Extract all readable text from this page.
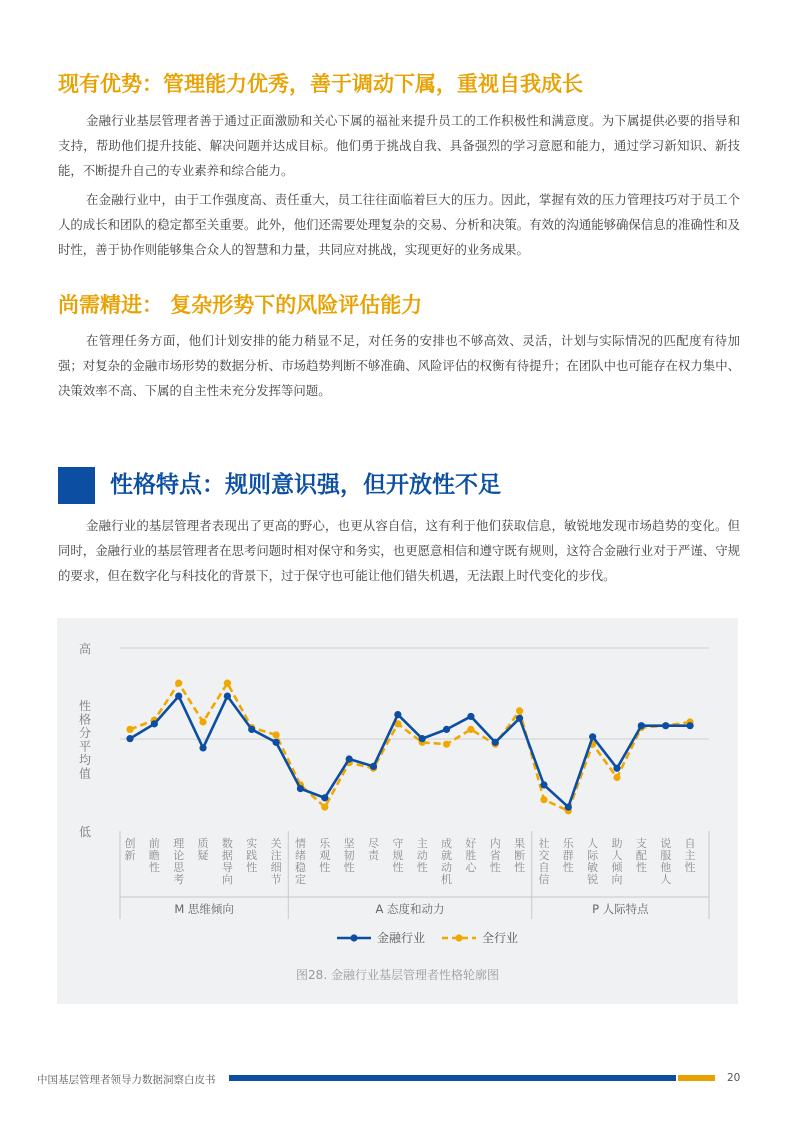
现有优势：管理能力优秀，善于调动下属，重视自我成长

金融行业基层管理者善于通过正面激励和关心下属的福祉来提升员工的工作积极性和满意度。为下属提供必要的指导和支持，帮助他们提升技能、解决问题并达成目标。他们勇于挑战自我、具备强烈的学习意愿和能力，通过学习新知识、新技能，不断提升自己的专业素养和综合能力。

在金融行业中，由于工作强度高、责任重大，员工往往面临着巨大的压力。因此，掌握有效的压力管理技巧对于员工个人的成长和团队的稳定都至关重要。此外，他们还需要处理复杂的交易、分析和决策。有效的沟通能够确保信息的准确性和及时性，善于协作则能够集合众人的智慧和力量，共同应对挑战，实现更好的业务成果。

尚需精进： 复杂形势下的风险评估能力

在管理任务方面，他们计划安排的能力稍显不足，对任务的安排也不够高效、灵活，计划与实际情况的匹配度有待加强；对复杂的金融市场形势的数据分析、市场趋势判断不够准确、风险评估的权衡有待提升；在团队中也可能存在权力集中、决策效率不高、下属的自主性未充分发挥等问题。

性格特点：规则意识强，但开放性不足

金融行业的基层管理者表现出了更高的野心，也更从容自信，这有利于他们获取信息，敏锐地发现市场趋势的变化。但同时，金融行业的基层管理者在思考问题时相对保守和务实，也更愿意相信和遵守既有规则，这符合金融行业对于严谨、守规的要求，但在数字化与科技化的背景下，过于保守也可能让他们错失机遇，无法跟上时代变化的步伐。

高
低
性格分平均值
创新
前瞻性
理论思考
质疑
数据导向
实践性
关注细节
情绪稳定
乐观性
坚韧性
尽责
守规性
主动性
成就动机
好胜心
内省性
果断性
社交自信
乐群性
人际敏锐
助人倾向
支配性
说服他人
自主性
M 思维倾向	A 态度和动力	P 人际特点
金融行业	全行业
图28. 金融行业基层管理者性格轮廓图
中国基层管理者领导力数据洞察白皮书	20
